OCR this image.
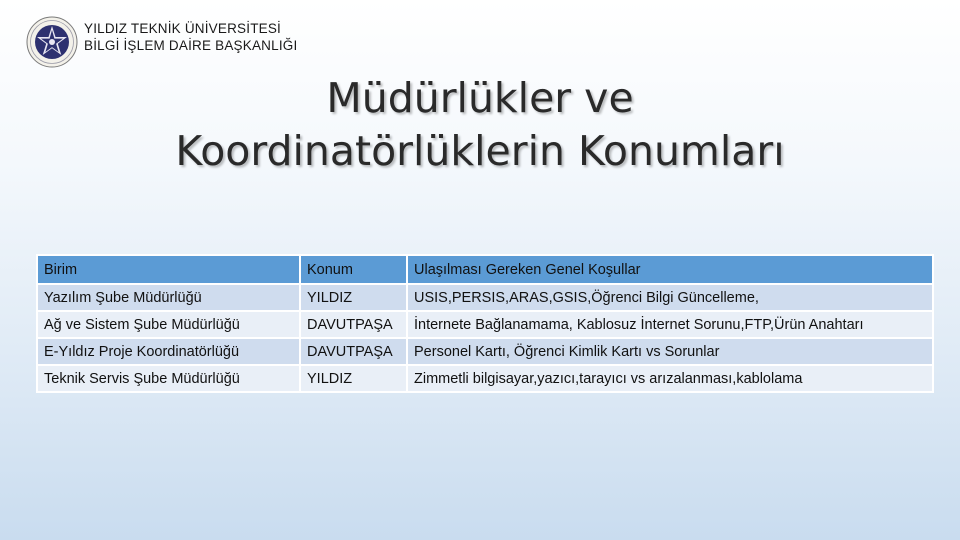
YILDIZ TEKNİK ÜNİVERSİTESİ
BİLGİ İŞLEM DAİRE BAŞKANLIĞI
Müdürlükler ve
Koordinatörlüklerin Konumları
Birim	Konum	Ulaşılması Gereken Genel Koşullar
Yazılım Şube Müdürlüğü	YILDIZ	USIS,PERSIS,ARAS,GSIS,Öğrenci Bilgi Güncelleme,
Ağ ve Sistem Şube Müdürlüğü	DAVUTPAŞA	İnternete Bağlanamama, Kablosuz İnternet Sorunu,FTP,Ürün Anahtarı
E-Yıldız Proje Koordinatörlüğü	DAVUTPAŞA	Personel Kartı, Öğrenci Kimlik Kartı vs Sorunlar
Teknik Servis Şube Müdürlüğü	YILDIZ	Zimmetli bilgisayar,yazıcı,tarayıcı vs arızalanması,kablolama
